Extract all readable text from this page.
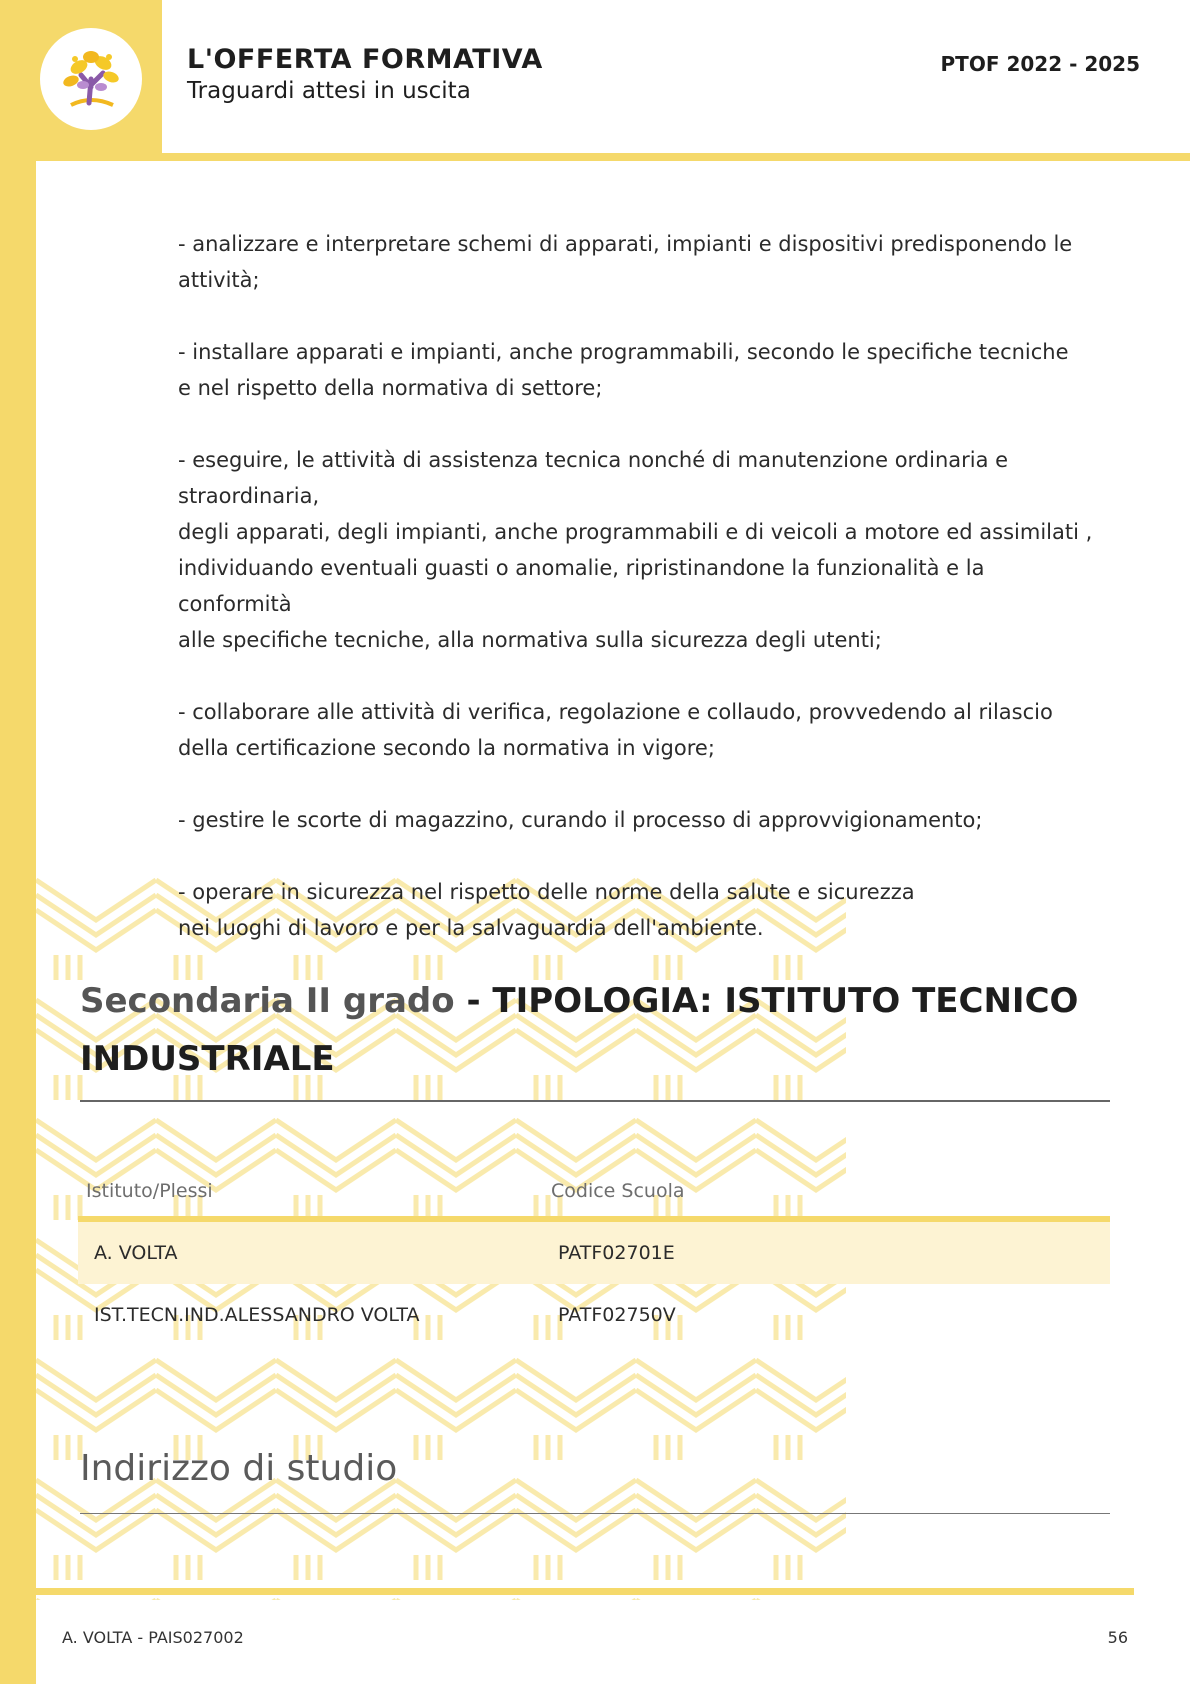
L'OFFERTA FORMATIVA
Traguardi attesi in uscita
PTOF 2022 - 2025

- analizzare e interpretare schemi di apparati, impianti e dispositivi predisponendo le
attività;

- installare apparati e impianti, anche programmabili, secondo le specifiche tecniche
e nel rispetto della normativa di settore;

- eseguire, le attività di assistenza tecnica nonché di manutenzione ordinaria e
straordinaria,
degli apparati, degli impianti, anche programmabili e di veicoli a motore ed assimilati ,
individuando eventuali guasti o anomalie, ripristinandone la funzionalità e la conformità
alle specifiche tecniche, alla normativa sulla sicurezza degli utenti;

- collaborare alle attività di verifica, regolazione e collaudo, provvedendo al rilascio
della certificazione secondo la normativa in vigore;

- gestire le scorte di magazzino, curando il processo di approvvigionamento;

- operare in sicurezza nel rispetto delle norme della salute e sicurezza
nei luoghi di lavoro e per la salvaguardia dell'ambiente.

Secondaria II grado - TIPOLOGIA: ISTITUTO TECNICO INDUSTRIALE
Istituto/Plessi	Codice Scuola
A. VOLTA	PATF02701E
IST.TECN.IND.ALESSANDRO VOLTA	PATF02750V
Indirizzo di studio
A. VOLTA - PAIS027002	56
